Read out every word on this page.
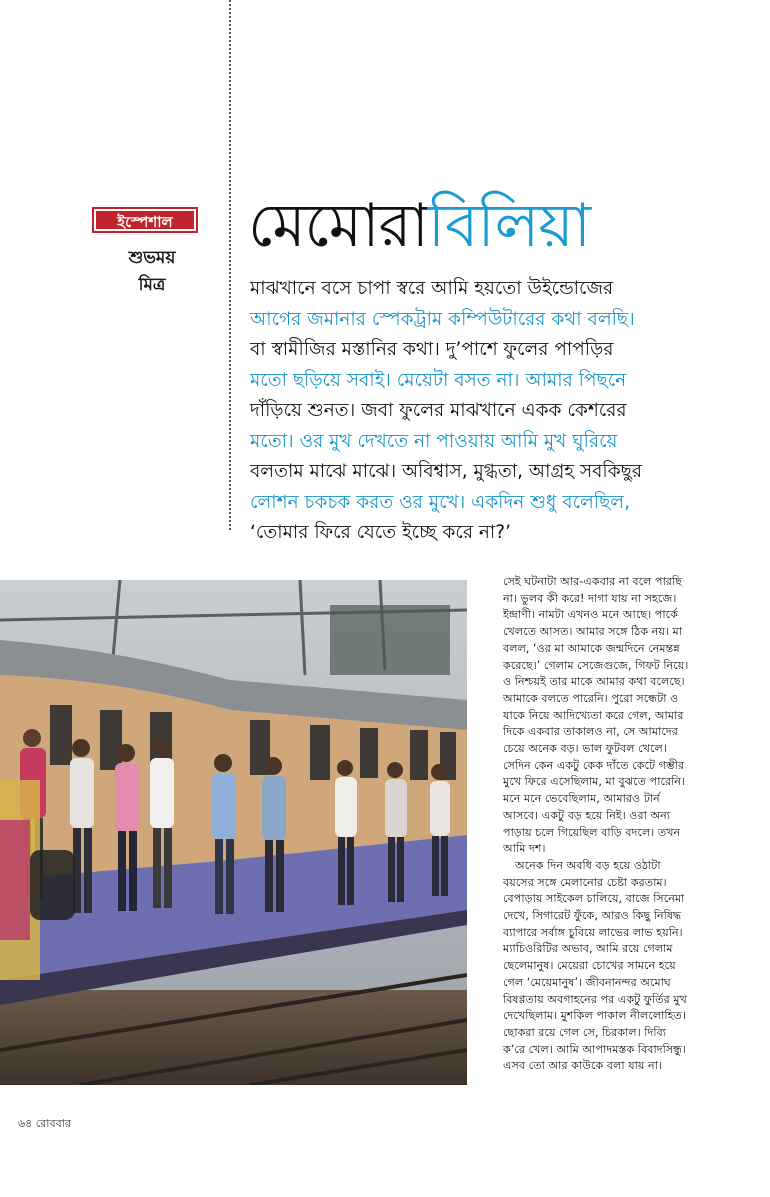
ইস্পেশাল
শুভময়
মিত্র
মেমোরাবিলিয়া
মাঝখানে বসে চাপা স্বরে আমি হয়তো উইন্ডোজের
আগের জমানার স্পেকট্রাম কম্পিউটারের কথা বলছি।
বা স্বামীজির মস্তানির কথা। দু’পাশে ফুলের পাপড়ির
মতো ছড়িয়ে সবাই। মেয়েটা বসত না। আমার পিছনে
দাঁড়িয়ে শুনত। জবা ফুলের মাঝখানে একক কেশরের
মতো। ওর মুখ দেখতে না পাওয়ায় আমি মুখ ঘুরিয়ে
বলতাম মাঝে মাঝে। অবিশ্বাস, মুগ্ধতা, আগ্রহ সবকিছুর
লোশন চকচক করত ওর মুখে। একদিন শুধু বলেছিল,
‘তোমার ফিরে যেতে ইচ্ছে করে না?’
সেই ঘটনাটা আর-একবার না বলে পারছি
না। ভুলব কী করে! দাগা যায় না সহজে।
ইন্দ্রাণী। নামটা এখনও মনে আছে। পার্কে
খেলতে আসত। আমার সঙ্গে ঠিক নয়। মা
বলল, ‘ওর মা আমাকে জন্মদিনে নেমন্তন্ন
করেছে।’ গেলাম সেজেগুজে, গিফট নিয়ে।
ও নিশ্চয়ই তার মাকে আমার কথা বলেছে।
আমাকে বলতে পারেনি। পুরো সন্ধেটা ও
যাকে নিয়ে আদিখ্যেতা করে গেল, আমার
দিকে একবার তাকালও না, সে আমাদের
চেয়ে অনেক বড়। ভাল ফুটবল খেলে।
সেদিন কেন একটু কেক দাঁতে কেটে গম্ভীর
মুখে ফিরে এসেছিলাম, মা বুঝতে পারেনি।
মনে মনে ভেবেছিলাম, আমারও টার্ন
আসবে। একটু বড় হয়ে নিই। ওরা অন্য
পাড়ায় চলে গিয়েছিল বাড়ি বদলে। তখন
আমি দশ।
অনেক দিন অবধি বড় হয়ে ওঠাটা
বয়সের সঙ্গে মেলানোর চেষ্টা করতাম।
বেপাড়ায় সাইকেল চালিয়ে, বাজে সিনেমা
দেখে, সিগারেট ফুঁকে, আরও কিছু নিষিদ্ধ
ব্যাপারে সর্বাঙ্গ চুবিয়ে লাভের লাভ হয়নি।
ম্যাচিওরিটির অভাব, আমি রয়ে গেলাম
ছেলেমানুষ। মেয়েরা চোখের সামনে হয়ে
গেল ‘মেয়েমানুষ’। জীবনানন্দর অমোঘ
বিষণ্ণতায় অবগাহনের পর একটু ফুর্তির মুখ
দেখেছিলাম। মুশকিল পাকাল নীললোহিত।
ছোকরা রয়ে গেল সে, চিরকাল। দিব্যি
ক’রে খেল। আমি আপাদমস্তক বিবাদসিন্ধু।
এসব তো আর কাউকে বলা যায় না।
৬৪ রোববার
